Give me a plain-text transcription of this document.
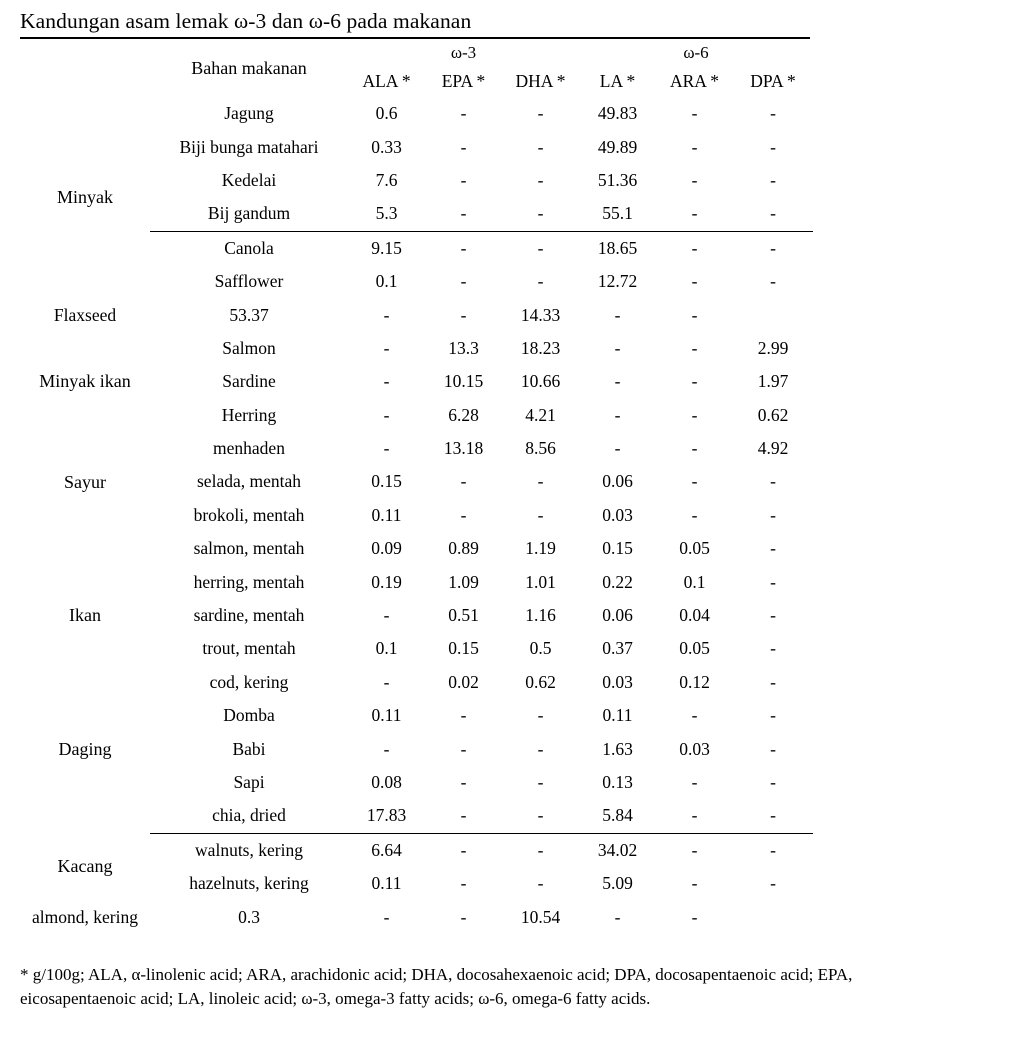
Kandungan asam lemak ω-3 dan ω-6 pada makanan
	Bahan makanan	ω-3			ω-6		
		ALA *	EPA *	DHA *	LA *	ARA *	DPA *

Minyak	Jagung	0.6	-	-	49.83	-	-
	Biji bunga matahari	0.33	-	-	49.89	-	-
	Kedelai	7.6	-	-	51.36	-	-
	Bij gandum	5.3	-	-	55.1	-	-

	Canola	9.15	-	-	18.65	-	-
	Safflower	0.1	-	-	12.72	-	-
Flaxseed	53.37	-	-	14.33	-	-	

Minyak ikan	Salmon	-	13.3	18.23	-	-	2.99
	Sardine	-	10.15	10.66	-	-	1.97
	Herring	-	6.28	4.21	-	-	0.62
	menhaden	-	13.18	8.56	-	-	4.92

Sayur	selada, mentah	0.15	-	-	0.06	-	-
	brokoli, mentah	0.11	-	-	0.03	-	-

Ikan	salmon, mentah	0.09	0.89	1.19	0.15	0.05	-
	herring, mentah	0.19	1.09	1.01	0.22	0.1	-
	sardine, mentah	-	0.51	1.16	0.06	0.04	-
	trout, mentah	0.1	0.15	0.5	0.37	0.05	-
	cod, kering	-	0.02	0.62	0.03	0.12	-

Daging	Domba	0.11	-	-	0.11	-	-
	Babi	-	-	-	1.63	0.03	-
	Sapi	0.08	-	-	0.13	-	-

Kacang	chia, dried	17.83	-	-	5.84	-	-

	walnuts, kering	6.64	-	-	34.02	-	-
	hazelnuts, kering	0.11	-	-	5.09	-	-
almond, kering	0.3	-	-	10.54	-	-	
* g/100g; ALA, α-linolenic acid; ARA, arachidonic acid; DHA, docosahexaenoic acid; DPA, docosapentaenoic acid; EPA, eicosapentaenoic acid; LA, linoleic acid; ω-3, omega-3 fatty acids; ω-6, omega-6 fatty acids.
